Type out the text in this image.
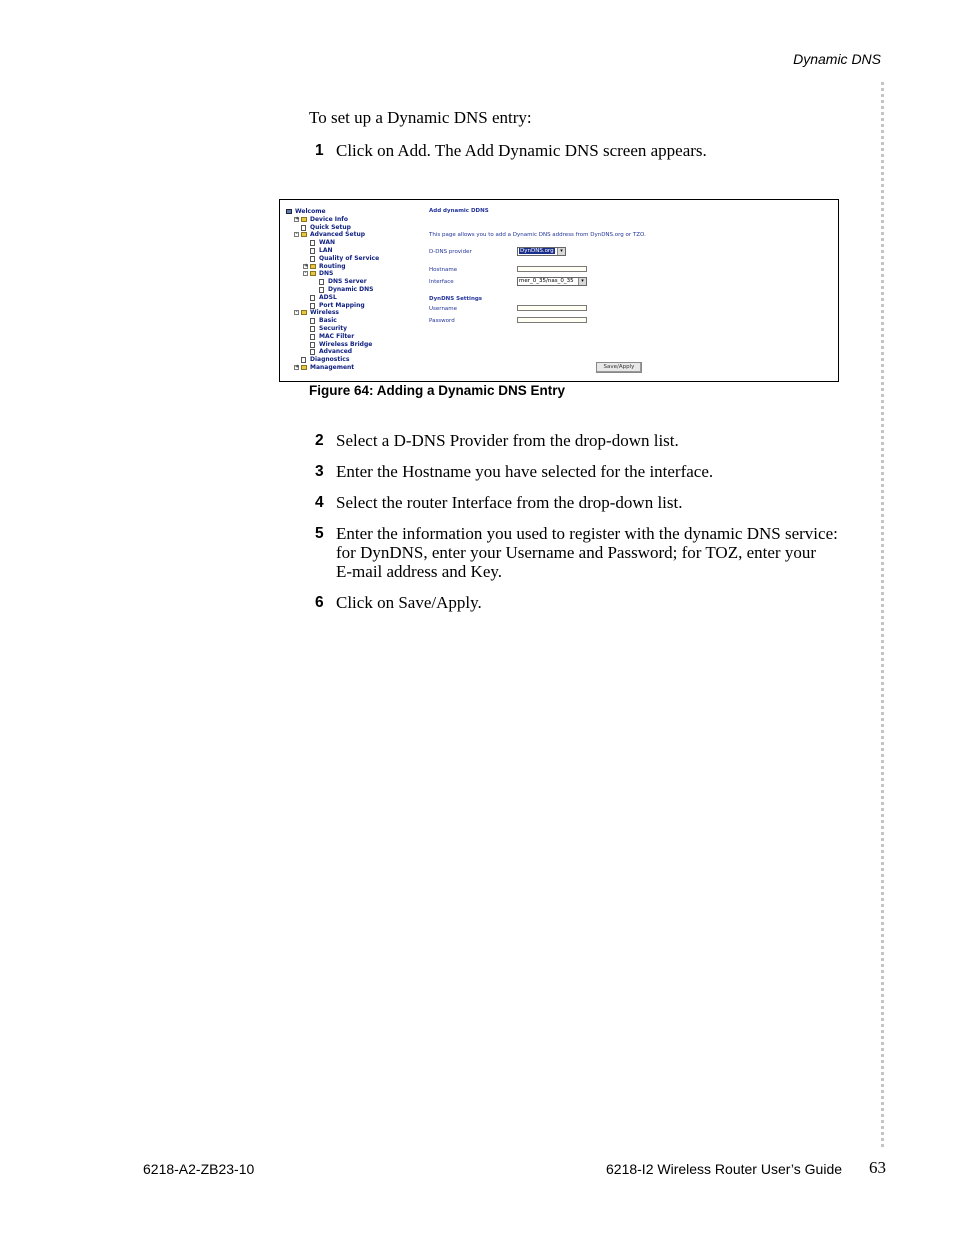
Dynamic DNS
To set up a Dynamic DNS entry:
1 Click on Add. The Add Dynamic DNS screen appears.
Welcome
+ Device Info
Quick Setup
- Advanced Setup
WAN
LAN
Quality of Service
+ Routing
- DNS
DNS Server
Dynamic DNS
ADSL
Port Mapping
- Wireless
Basic
Security
MAC Filter
Wireless Bridge
Advanced
Diagnostics
+ Management
Add dynamic DDNS
This page allows you to add a Dynamic DNS address from DynDNS.org or TZO.
D-DNS provider	DynDNS.org	▾
Hostname
Interface	mer_0_35/nas_0_35	▾
DynDNS Settings
Username
Password
Save/Apply
Figure 64: Adding a Dynamic DNS Entry
2 Select a D-DNS Provider from the drop-down list.
3 Enter the Hostname you have selected for the interface.
4 Select the router Interface from the drop-down list.
5 Enter the information you used to register with the dynamic DNS service:
for DynDNS, enter your Username and Password; for TOZ, enter your
E-mail address and Key.
6 Click on Save/Apply.
6218-A2-ZB23-10	6218-I2 Wireless Router User’s Guide 63
